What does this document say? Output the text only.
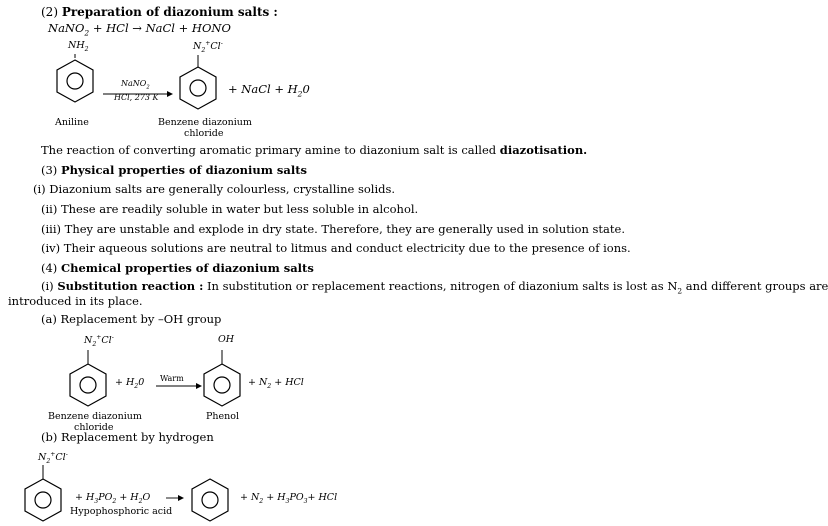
(2) Preparation of diazonium salts :
NaNO$_2$ + HCl → NaCl + HONO
$NH_2$	$N_2^+Cl^-$
NaNO$_2$
HCl, 273 K
+ NaCl + $H_20$
Aniline	Benzene diazonium
chloride
The reaction of converting aromatic primary amine to diazonium salt is called diazotisation.
(3) Physical properties of diazonium salts
(i) Diazonium salts are generally colourless, crystalline solids.
(ii) These are readily soluble in water but less soluble in alcohol.
(iii) They are unstable and explode in dry state. Therefore, they are generally used in solution state.
(iv) Their aqueous solutions are neutral to litmus and conduct electricity due to the presence of ions.
(4) Chemical properties of diazonium salts
(i) Substitution reaction : In substitution or replacement reactions, nitrogen of diazonium salts is lost as $N_2$ and different groups are
introduced in its place.
(a) Replacement by –OH group
$N_2^+Cl^-$	OH
+ $H_20$ Warm	+ $N_2$ + HCl
Benzene diazonium
chloride
Phenol
(b) Replacement by hydrogen
$N_2^+Cl^-$
+ $H_3PO_2 + H_2O$
Hypophosphoric acid
+ $N_2 + H_3PO_3+$ HCl
